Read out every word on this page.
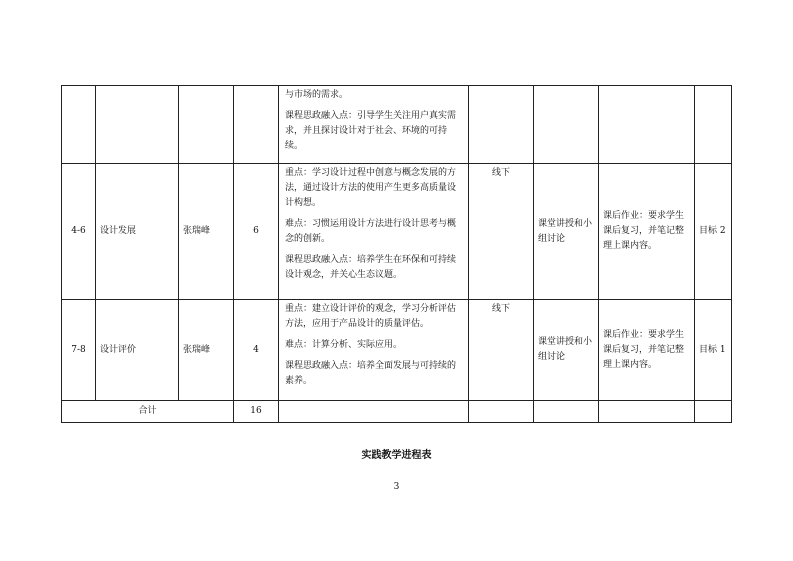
				与市场的需求。

课程思政融入点：引导学生关注用户真实需求，并且探讨设计对于社会、环境的可持续。				

4-6	设计发展	张瑞峰	6	重点：学习设计过程中创意与概念发展的方法，通过设计方法的使用产生更多高质量设计构想。

难点：习惯运用设计方法进行设计思考与概念的创新。

课程思政融入点：培养学生在环保和可持续设计观念，并关心生态议题。	线下	课堂讲授和小组讨论	课后作业：要求学生课后复习，并笔记整理上课内容。	目标 2
7-8	设计评价	张瑞峰	4	重点：建立设计评价的观念，学习分析评估方法，应用于产品设计的质量评估。

难点：计算分析、实际应用。

课程思政融入点：培养全面发展与可持续的素养。	线下	课堂讲授和小组讨论	课后作业：要求学生课后复习，并笔记整理上课内容。	目标 1
合计			16					
实践教学进程表
3
